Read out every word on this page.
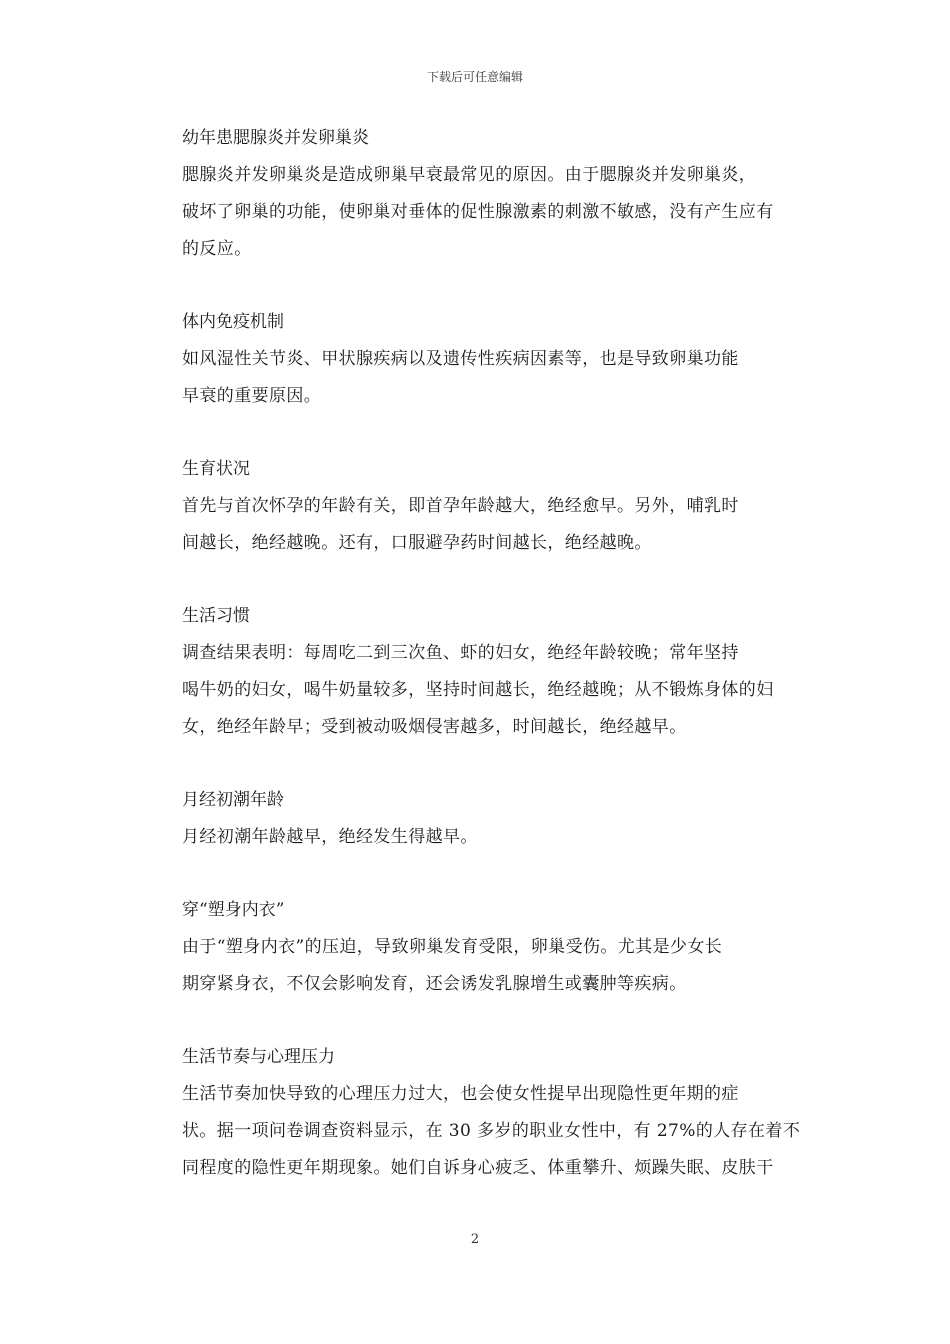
下载后可任意编辑

幼年患腮腺炎并发卵巢炎

腮腺炎并发卵巢炎是造成卵巢早衰最常见的原因。由于腮腺炎并发卵巢炎，
破坏了卵巢的功能，使卵巢对垂体的促性腺激素的刺激不敏感，没有产生应有
的反应。

体内免疫机制

如风湿性关节炎、甲状腺疾病以及遗传性疾病因素等，也是导致卵巢功能
早衰的重要原因。

生育状况

首先与首次怀孕的年龄有关，即首孕年龄越大，绝经愈早。另外，哺乳时
间越长，绝经越晚。还有，口服避孕药时间越长，绝经越晚。

生活习惯

调查结果表明：每周吃二到三次鱼、虾的妇女，绝经年龄较晚；常年坚持
喝牛奶的妇女，喝牛奶量较多，坚持时间越长，绝经越晚；从不锻炼身体的妇
女，绝经年龄早；受到被动吸烟侵害越多，时间越长，绝经越早。

月经初潮年龄

月经初潮年龄越早，绝经发生得越早。

穿“塑身内衣”

由于“塑身内衣”的压迫，导致卵巢发育受限，卵巢受伤。尤其是少女长
期穿紧身衣，不仅会影响发育，还会诱发乳腺增生或囊肿等疾病。

生活节奏与心理压力

生活节奏加快导致的心理压力过大，也会使女性提早出现隐性更年期的症
状。据一项问卷调查资料显示，在 30 多岁的职业女性中，有 27%的人存在着不
同程度的隐性更年期现象。她们自诉身心疲乏、体重攀升、烦躁失眠、皮肤干

2
